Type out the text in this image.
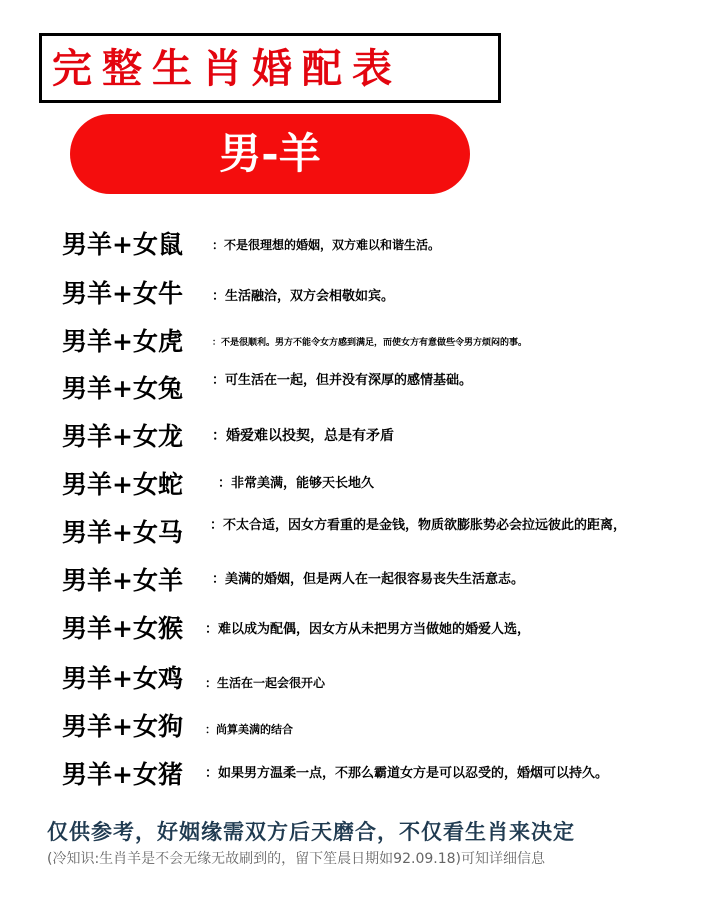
完整生肖婚配表
男-羊
男羊+女鼠 ：不是很理想的婚姻，双方难以和谐生活。
男羊+女牛 ：生活融洽，双方会相敬如宾。
男羊+女虎	：不是很顺利。男方不能令女方感到满足，而使女方有意做些令男方烦闷的事。
男羊+女兔 ：可生活在一起，但并没有深厚的感情基础。
男羊+女龙 ：婚爱难以投契，总是有矛盾
男羊+女蛇	：非常美满，能够天长地久
男羊+女马 ：不太合适，因女方看重的是金钱，物质欲膨胀势必会拉远彼此的距离，
男羊+女羊 ：美满的婚姻，但是两人在一起很容易丧失生活意志。
男羊+女猴 ：难以成为配偶，因女方从未把男方当做她的婚爱人选，
男羊+女鸡 ：生活在一起会很开心
男羊+女狗 ：尚算美满的结合
男羊+女猪 ：如果男方温柔一点，不那么霸道女方是可以忍受的，婚烟可以持久。
仅供参考，好姻缘需双方后天磨合，不仅看生肖来决定
(冷知识:生肖羊是不会无缘无故刷到的，留下笙晨日期如92.09.18)可知详细信息
